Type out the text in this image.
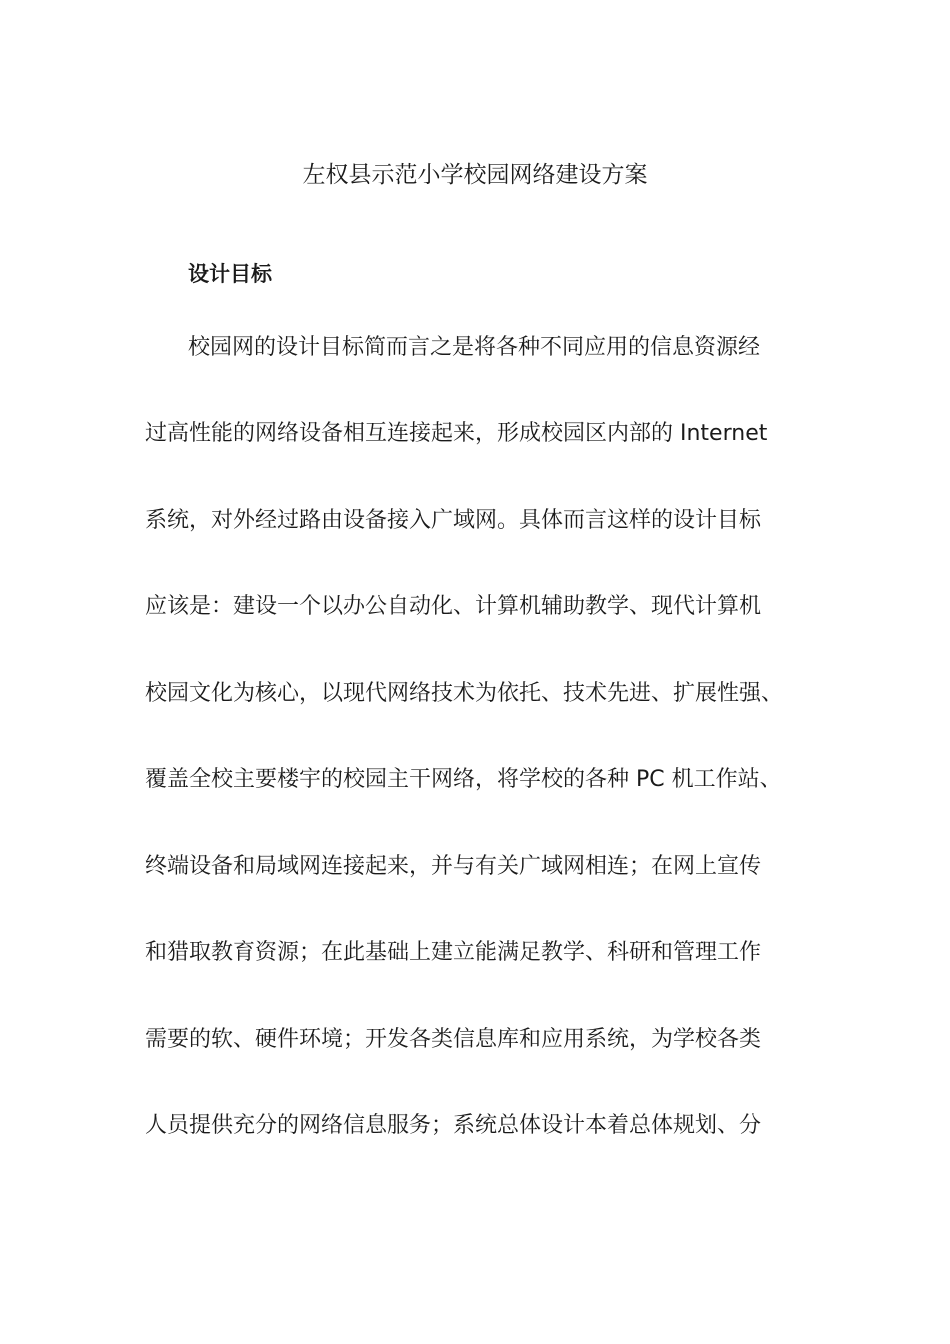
左权县示范小学校园网络建设方案
设计目标

校园网的设计目标简而言之是将各种不同应用的信息资源经

过高性能的网络设备相互连接起来，形成校园区内部的 Internet

系统，对外经过路由设备接入广域网。具体而言这样的设计目标

应该是：建设一个以办公自动化、计算机辅助教学、现代计算机

校园文化为核心，以现代网络技术为依托、技术先进、扩展性强、

覆盖全校主要楼宇的校园主干网络，将学校的各种 PC 机工作站、

终端设备和局域网连接起来，并与有关广域网相连；在网上宣传

和猎取教育资源；在此基础上建立能满足教学、科研和管理工作

需要的软、硬件环境；开发各类信息库和应用系统，为学校各类

人员提供充分的网络信息服务；系统总体设计本着总体规划、分
